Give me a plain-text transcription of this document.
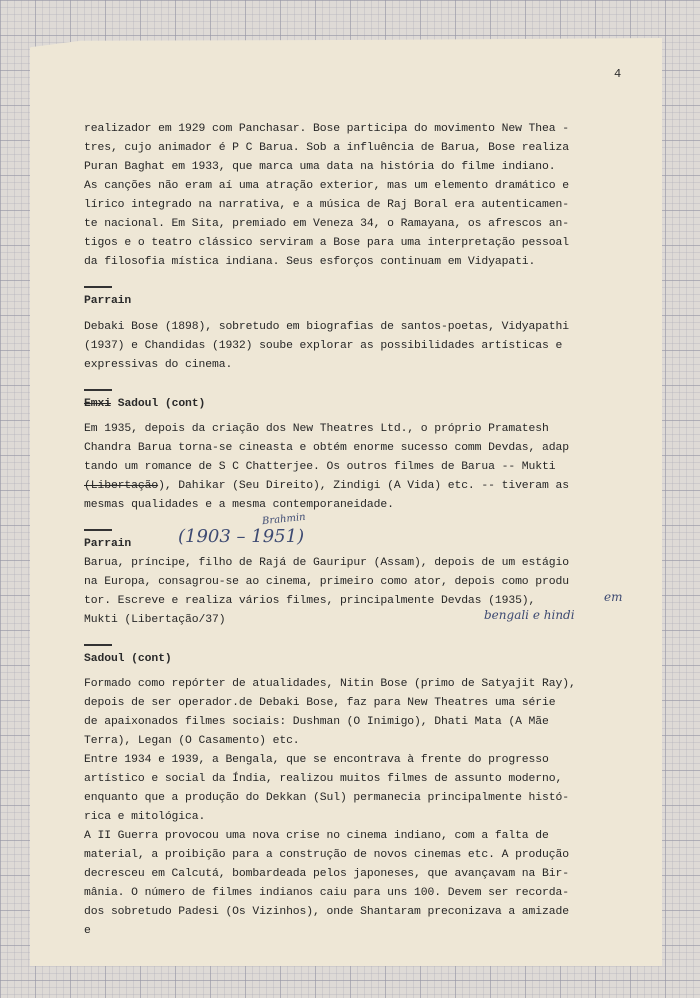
4
realizador em 1929 com Panchasar. Bose participa do movimento New Thea -
tres, cujo animador é P C Barua. Sob a influência de Barua, Bose realiza
Puran Baghat em 1933, que marca uma data na história do filme indiano.
As canções não eram aí uma atração exterior, mas um elemento dramático e
lírico integrado na narrativa, e a música de Raj Boral era autenticamen-
te nacional. Em Sita, premiado em Veneza 34, o Ramayana, os afrescos an-
tigos e o teatro clássico serviram a Bose para uma interpretação pessoal
da filosofia mística indiana. Seus esforços continuam em Vidyapati.
Parrain
Debaki Bose (1898), sobretudo em biografias de santos-poetas, Vidyapathi
(1937) e Chandidas (1932) soube explorar as possibilidades artísticas e
expressivas do cinema.
Emxi Sadoul (cont)
Em 1935, depois da criação dos New Theatres Ltd., o próprio Pramatesh
Chandra Barua torna-se cineasta e obtém enorme sucesso comm Devdas, adap
tando um romance de S C Chatterjee. Os outros filmes de Barua -- Mukti
(Libertação), Dahikar (Seu Direito), Zindigi (A Vida) etc. -- tiveram as
mesmas qualidades e a mesma contemporaneidade.
Parrain
Barua, príncipe, filho de Rajá de Gauripur (Assam), depois de um estágio
na Europa, consagrou-se ao cinema, primeiro como ator, depois como produ
tor. Escreve e realiza vários filmes, principalmente Devdas (1935),
Mukti (Libertação/37)
Sadoul (cont)
Formado como repórter de atualidades, Nitin Bose (primo de Satyajit Ray),
depois de ser operador.de Debaki Bose, faz para New Theatres uma série
de apaixonados filmes sociais: Dushman (O Inimigo), Dhati Mata (A Mãe
Terra), Legan (O Casamento) etc.
Entre 1934 e 1939, a Bengala, que se encontrava à frente do progresso
artístico e social da Índia, realizou muitos filmes de assunto moderno,
enquanto que a produção do Dekkan (Sul) permanecia principalmente histó-
rica e mitológica.
A II Guerra provocou uma nova crise no cinema indiano, com a falta de
material, a proibição para a construção de novos cinemas etc. A produção
decresceu em Calcutá, bombardeada pelos japoneses, que avançavam na Bir-
mânia. O número de filmes indianos caiu para uns 100. Devem ser recorda-
dos sobretudo Padesi (Os Vizinhos), onde Shantaram preconizava a amizade
e
(1903 – 1951)
Brahmin
em
bengali e hindi
